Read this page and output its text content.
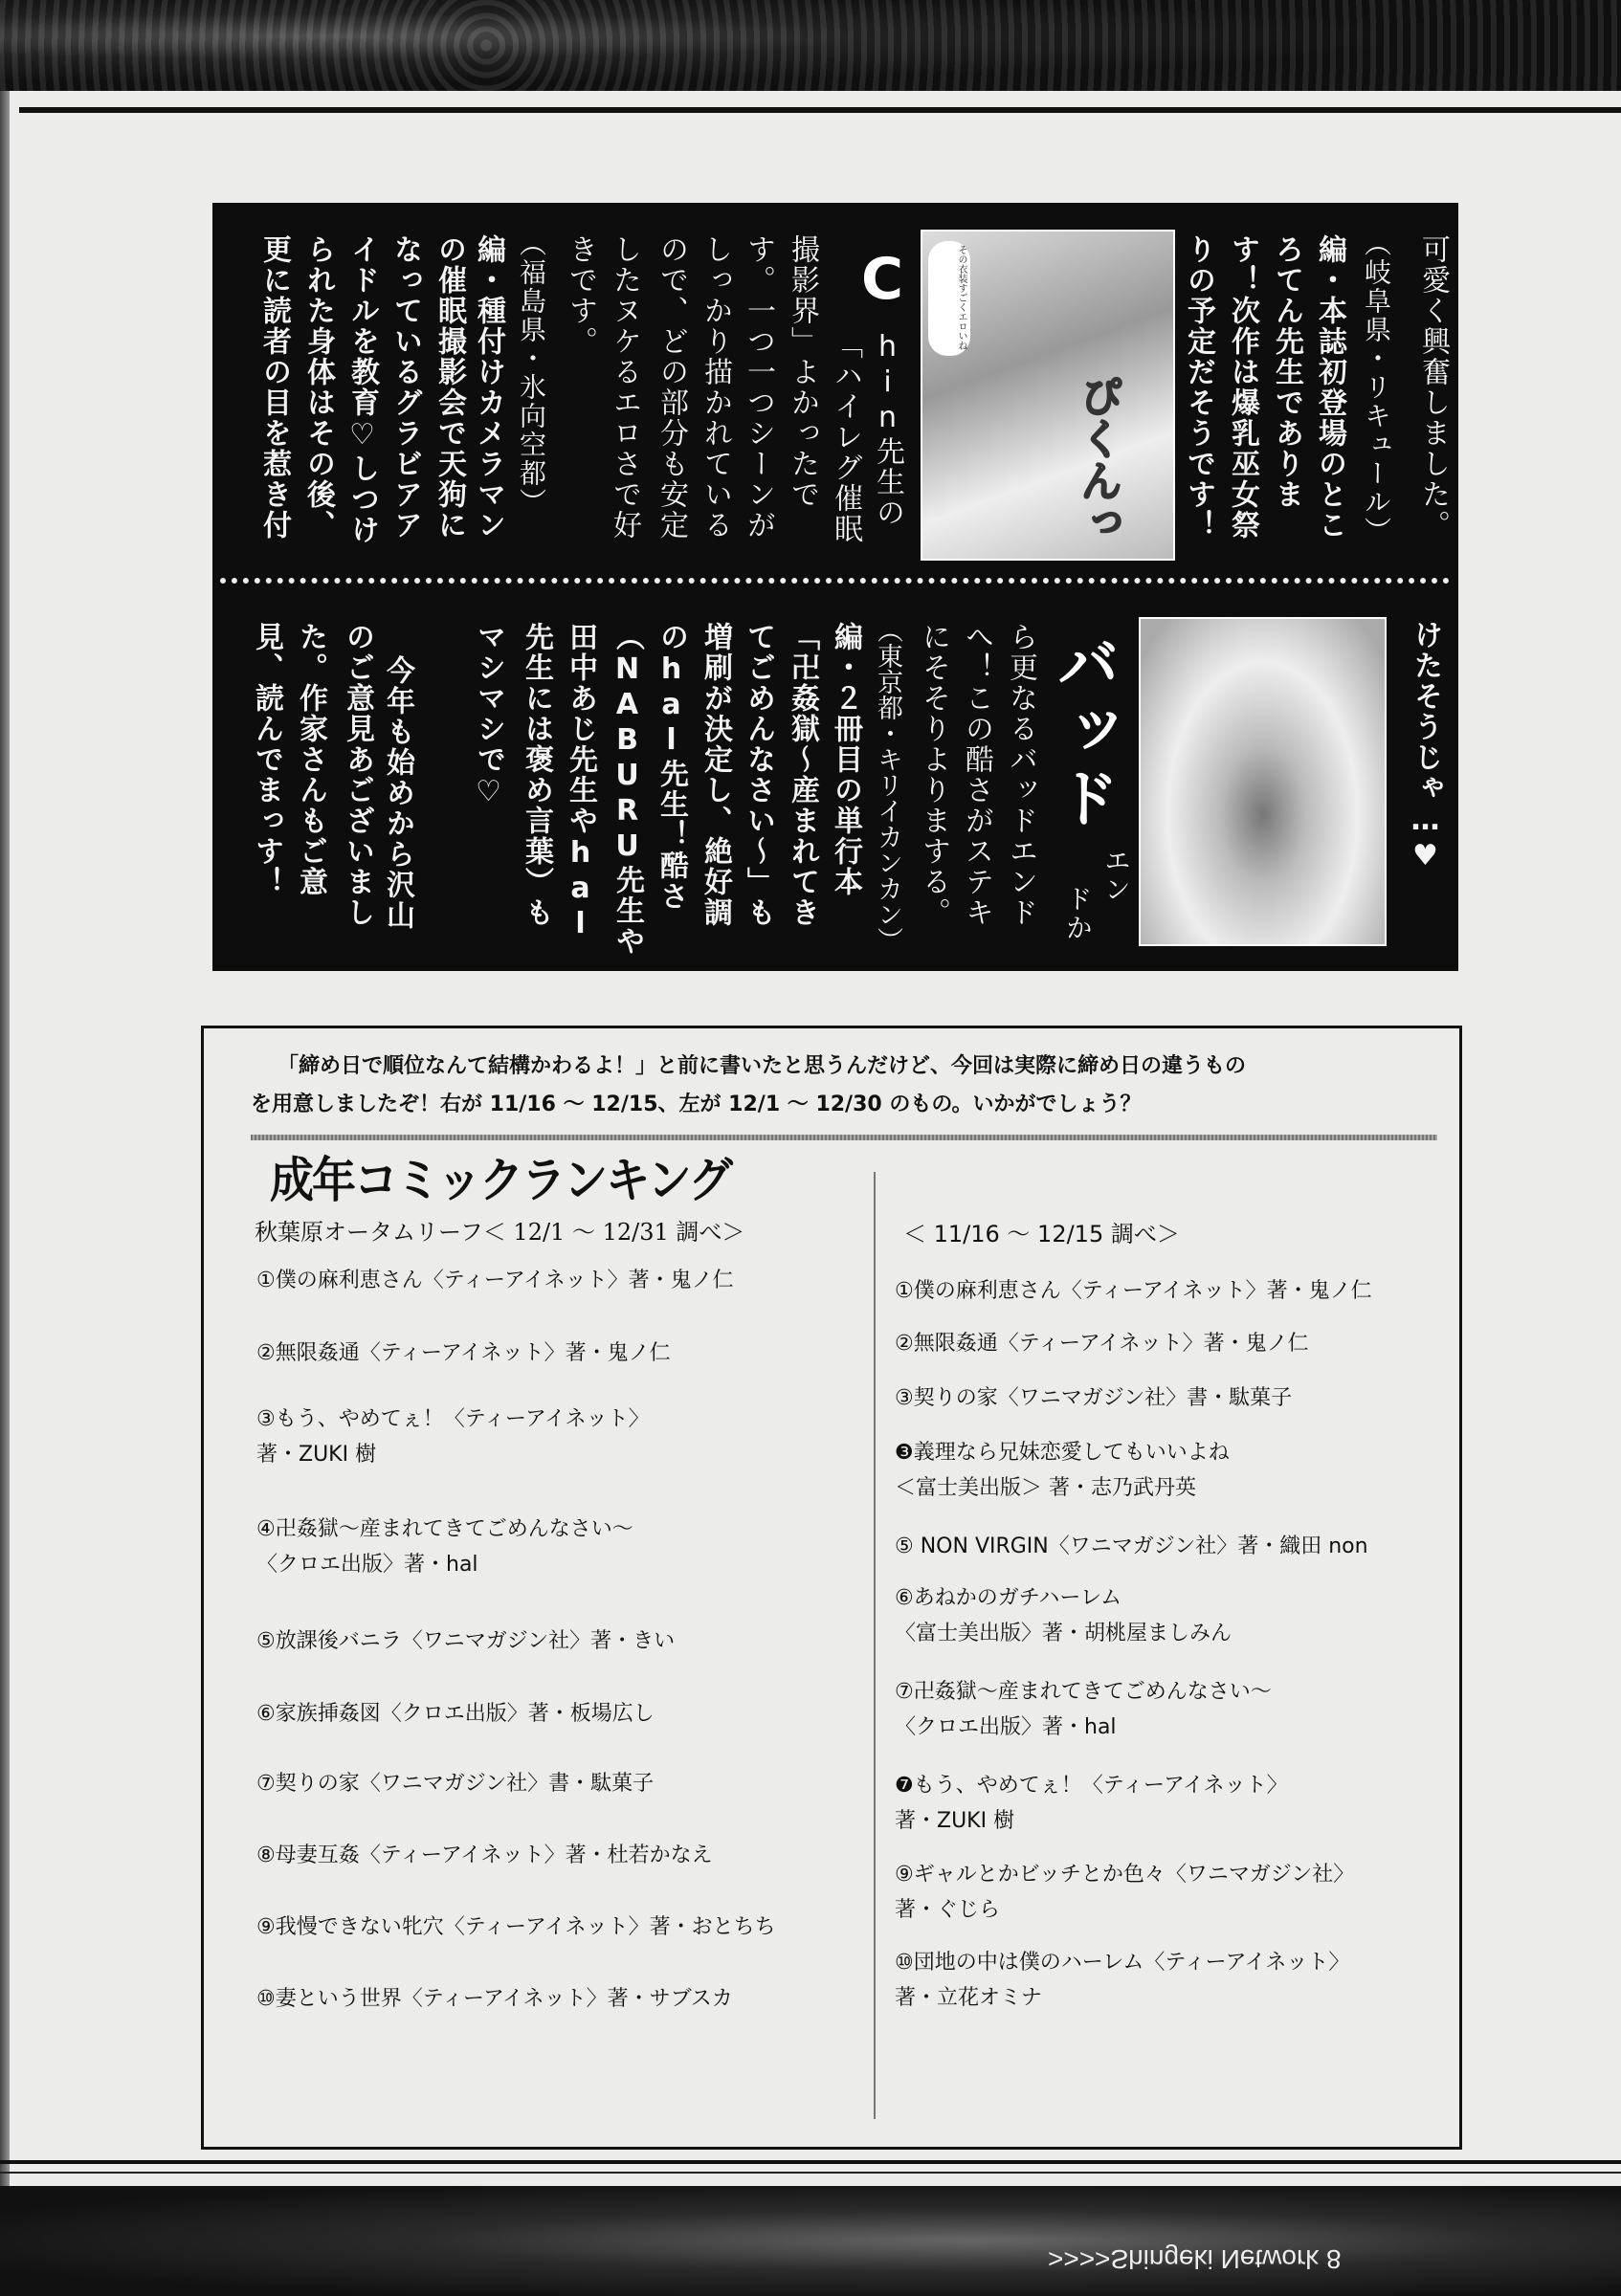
可愛く興奮しました。
（岐阜県・リキュール）
編・本誌初登場のとこ
ろてん先生でありま
す！次作は爆乳巫女祭
りの予定だそうです！
その衣装すごくエロいね
ぴくんっ
C
hin先生の
「ハイレグ催眠
撮影界」よかったで
す。一つ一つシーンが
しっかり描かれている
ので、どの部分も安定
したヌケるエロさで好
きです。
（福島県・氷向空都）
編・種付けカメラマン
の催眠撮影会で天狗に
なっているグラビアア
イドルを教育♡しつけ
られた身体はその後、
更に読者の目を惹き付
けたそうじゃ…♥
バッド
エン
ドか
ら更なるバッドエンド
へ！この酷さがステキ
にそそりよりまする。
（東京都・キリイカンカン）
編・２冊目の単行本
「卍姦獄～産まれてき
てごめんなさい～」も
増刷が決定し、絶好調
のhal先生！酷さ
（NABURU先生や
田中あじ先生やhal
先生には褒め言葉）も
マシマシで♡
今年も始めから沢山
のご意見あございまし
た。作家さんもご意
見、読んでまっす！
「締め日で順位なんて結構かわるよ！」と前に書いたと思うんだけど、今回は実際に締め日の違うもの
を用意しましたぞ！右が 11/16 ～ 12/15、左が 12/1 ～ 12/30 のもの。いかがでしょう？
成年コミックランキング
秋葉原オータムリーフ＜ 12/1 ～ 12/31 調べ＞	＜ 11/16 ～ 12/15 調べ＞
①僕の麻利恵さん〈ティーアイネット〉著・鬼ノ仁
②無限姦通〈ティーアイネット〉著・鬼ノ仁
③もう、やめてぇ！〈ティーアイネット〉
著・ZUKI 樹
④卍姦獄～産まれてきてごめんなさい～
〈クロエ出版〉著・hal
⑤放課後バニラ〈ワニマガジン社〉著・きい
⑥家族挿姦図〈クロエ出版〉著・板場広し
⑦契りの家〈ワニマガジン社〉書・駄菓子
⑧母妻互姦〈ティーアイネット〉著・杜若かなえ
⑨我慢できない牝穴〈ティーアイネット〉著・おとちち
⑩妻という世界〈ティーアイネット〉著・サブスカ
①僕の麻利恵さん〈ティーアイネット〉著・鬼ノ仁
②無限姦通〈ティーアイネット〉著・鬼ノ仁
③契りの家〈ワニマガジン社〉書・駄菓子
❸義理なら兄妹恋愛してもいいよね
＜富士美出版＞ 著・志乃武丹英
⑤ NON VIRGIN〈ワニマガジン社〉著・織田 non
⑥あねかのガチハーレム
〈富士美出版〉著・胡桃屋ましみん
⑦卍姦獄～産まれてきてごめんなさい～
〈クロエ出版〉著・hal
❼もう、やめてぇ！〈ティーアイネット〉
著・ZUKI 樹
⑨ギャルとかビッチとか色々〈ワニマガジン社〉
著・ぐじら
⑩団地の中は僕のハーレム〈ティーアイネット〉
著・立花オミナ
>>>>Shingeki Network 8
